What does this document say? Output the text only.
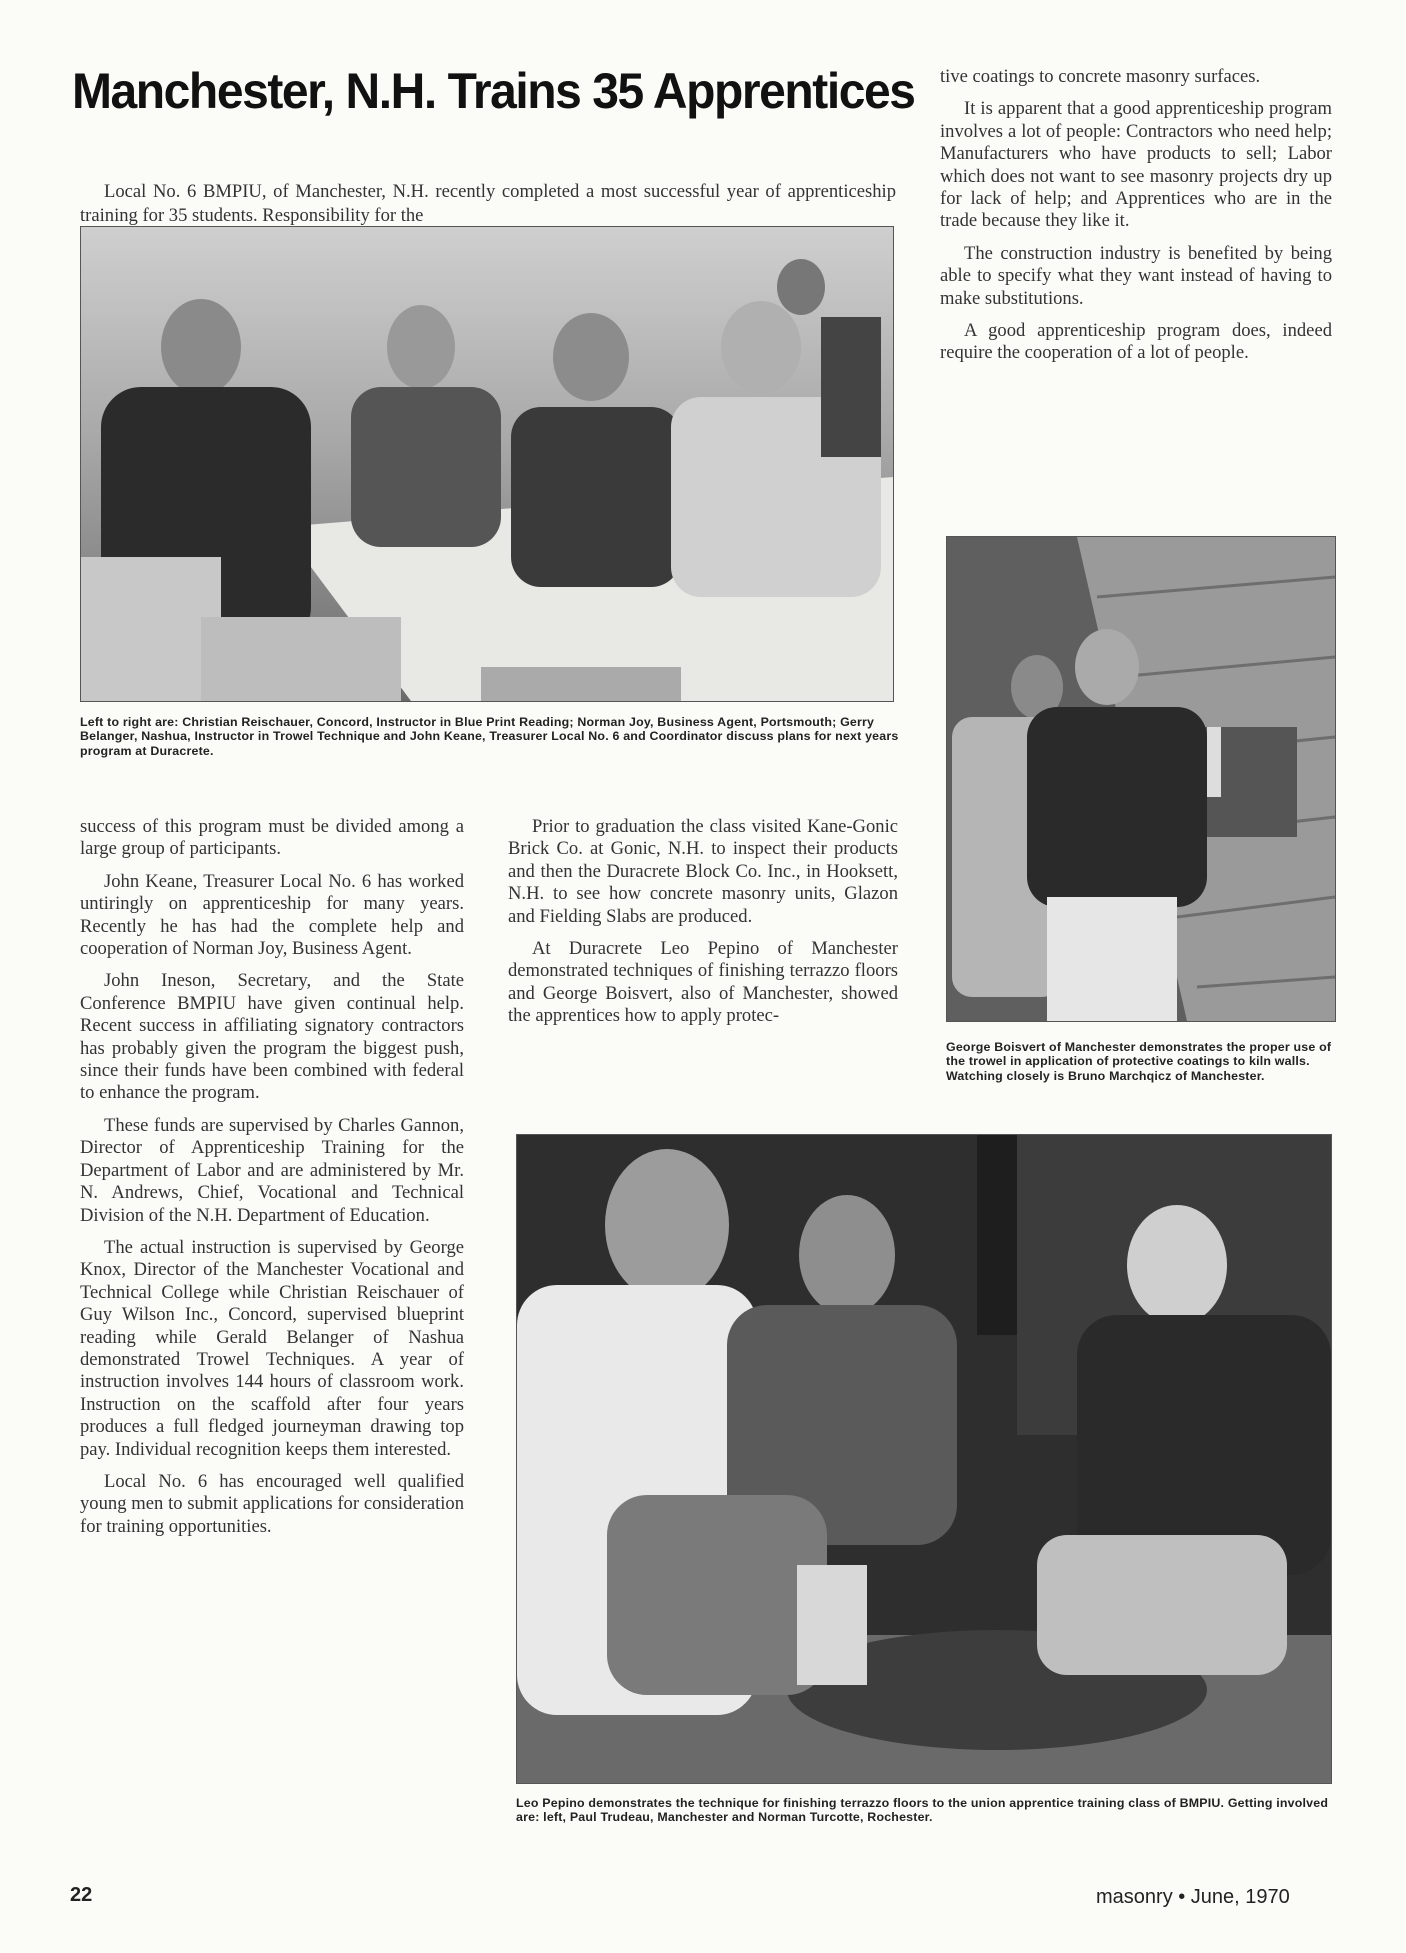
Manchester, N.H. Trains 35 Apprentices

Local No. 6 BMPIU, of Manchester, N.H. recently completed a most successful year of apprenticeship training for 35 students. Responsibility for the

Left to right are: Christian Reischauer, Concord, Instructor in Blue Print Reading; Norman Joy, Business Agent, Portsmouth; Gerry Belanger, Nashua, Instructor in Trowel Technique and John Keane, Treasurer Local No. 6 and Coordinator discuss plans for next years program at Duracrete.

success of this program must be divided among a large group of participants.

John Keane, Treasurer Local No. 6 has worked untiringly on apprenticeship for many years. Recently he has had the complete help and cooperation of Norman Joy, Business Agent.

John Ineson, Secretary, and the State Conference BMPIU have given continual help. Recent success in affiliating signatory contractors has probably given the program the biggest push, since their funds have been combined with federal to enhance the program.

These funds are supervised by Charles Gannon, Director of Apprenticeship Training for the Department of Labor and are administered by Mr. N. Andrews, Chief, Vocational and Technical Division of the N.H. Department of Education.

The actual instruction is supervised by George Knox, Director of the Manchester Vocational and Technical College while Christian Reischauer of Guy Wilson Inc., Concord, supervised blueprint reading while Gerald Belanger of Nashua demonstrated Trowel Techniques. A year of instruction involves 144 hours of classroom work. Instruction on the scaffold after four years produces a full fledged journeyman drawing top pay. Individual recognition keeps them interested.

Local No. 6 has encouraged well qualified young men to submit applications for consideration for training opportunities.

Prior to graduation the class visited Kane-Gonic Brick Co. at Gonic, N.H. to inspect their products and then the Duracrete Block Co. Inc., in Hooksett, N.H. to see how concrete masonry units, Glazon and Fielding Slabs are produced.

At Duracrete Leo Pepino of Manchester demonstrated techniques of finishing terrazzo floors and George Boisvert, also of Manchester, showed the apprentices how to apply protec-

tive coatings to concrete masonry surfaces.

It is apparent that a good apprenticeship program involves a lot of people: Contractors who need help; Manufacturers who have products to sell; Labor which does not want to see masonry projects dry up for lack of help; and Apprentices who are in the trade because they like it.

The construction industry is benefited by being able to specify what they want instead of having to make substitutions.

A good apprenticeship program does, indeed require the cooperation of a lot of people.

George Boisvert of Manchester demonstrates the proper use of the trowel in application of protective coatings to kiln walls. Watching closely is Bruno Marchqicz of Manchester.
Leo Pepino demonstrates the technique for finishing terrazzo floors to the union apprentice training class of BMPIU. Getting involved are: left, Paul Trudeau, Manchester and Norman Turcotte, Rochester.
22	masonry • June, 1970
